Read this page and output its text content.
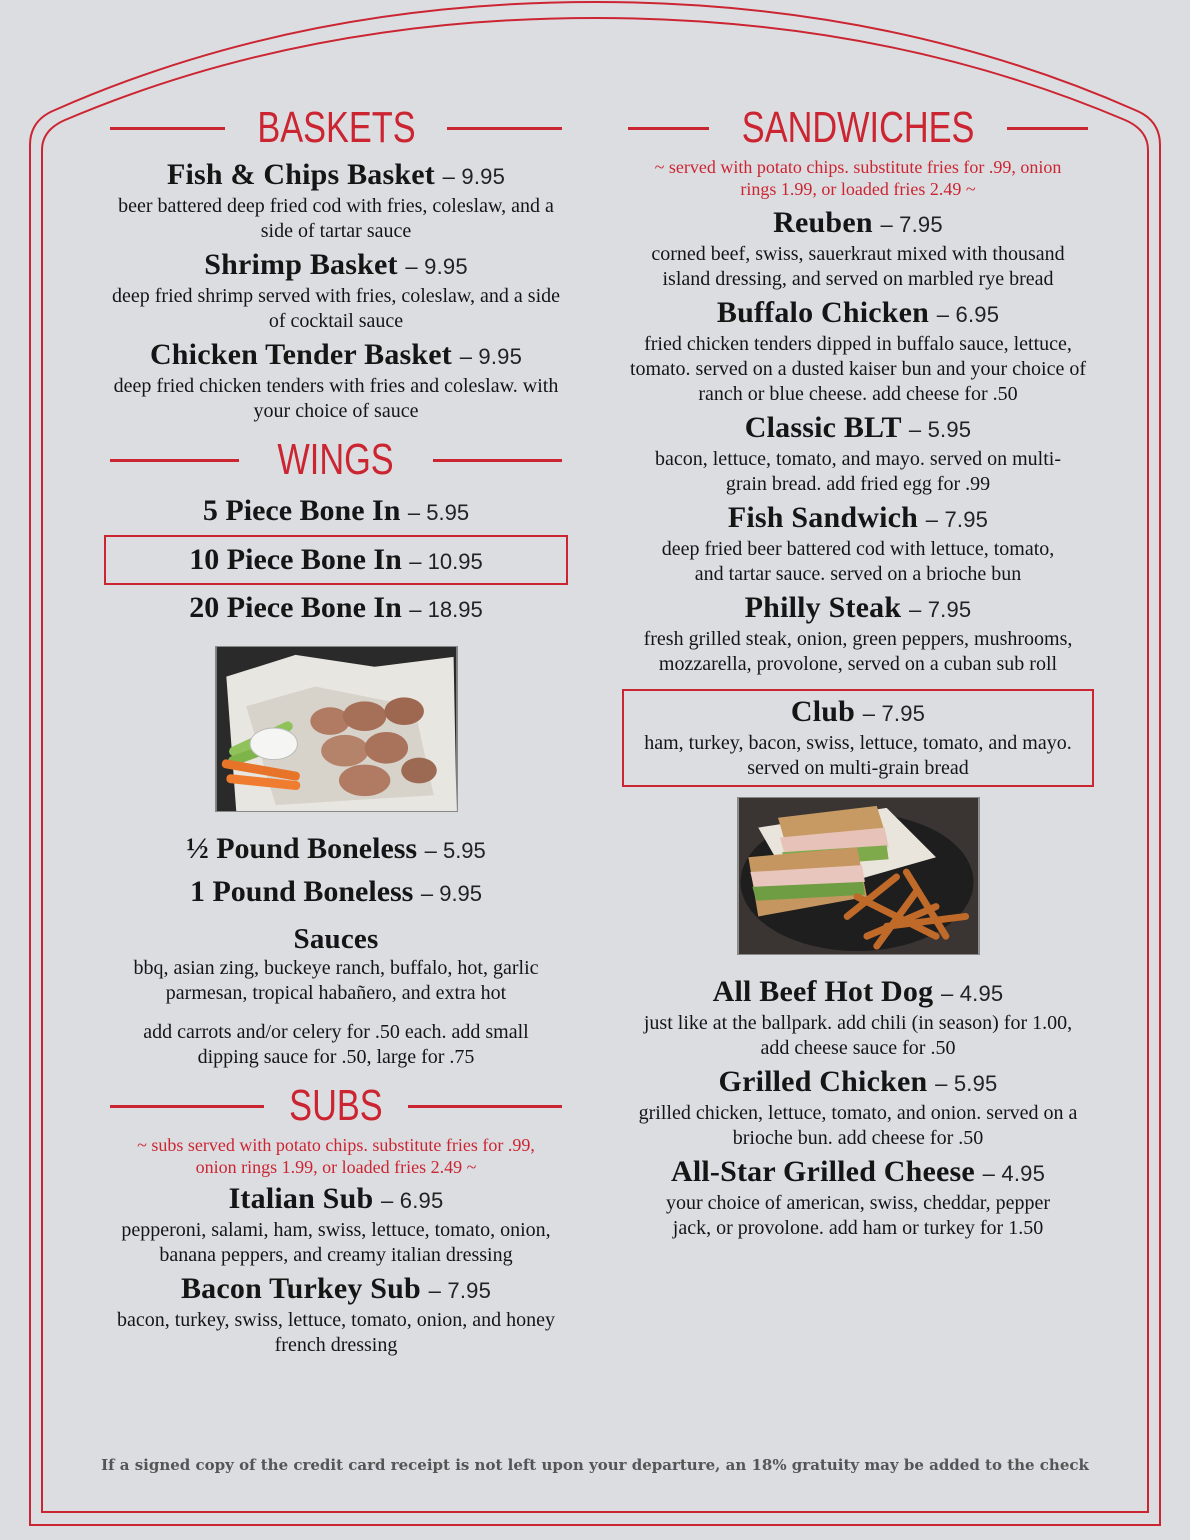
BASKETS
Fish & Chips Basket – 9.95
beer battered deep fried cod with fries, coleslaw, and a side of tartar sauce
Shrimp Basket – 9.95
deep fried shrimp served with fries, coleslaw, and a side of cocktail sauce
Chicken Tender Basket – 9.95
deep fried chicken tenders with fries and coleslaw. with your choice of sauce
WINGS
5 Piece Bone In – 5.95
10 Piece Bone In – 10.95
20 Piece Bone In – 18.95
½ Pound Boneless – 5.95
1 Pound Boneless – 9.95
Sauces
bbq, asian zing, buckeye ranch, buffalo, hot, garlic parmesan, tropical habañero, and extra hot
add carrots and/or celery for .50 each. add small dipping sauce for .50, large for .75
SUBS
~ subs served with potato chips. substitute fries for .99, onion rings 1.99, or loaded fries 2.49 ~
Italian Sub – 6.95
pepperoni, salami, ham, swiss, lettuce, tomato, onion, banana peppers, and creamy italian dressing
Bacon Turkey Sub – 7.95
bacon, turkey, swiss, lettuce, tomato, onion, and honey french dressing
SANDWICHES
~ served with potato chips. substitute fries for .99, onion rings 1.99, or loaded fries 2.49 ~
Reuben – 7.95
corned beef, swiss, sauerkraut mixed with thousand island dressing, and served on marbled rye bread
Buffalo Chicken – 6.95
fried chicken tenders dipped in buffalo sauce, lettuce, tomato. served on a dusted kaiser bun and your choice of ranch or blue cheese. add cheese for .50
Classic BLT – 5.95
bacon, lettuce, tomato, and mayo. served on multi-grain bread. add fried egg for .99
Fish Sandwich – 7.95
deep fried beer battered cod with lettuce, tomato, and tartar sauce. served on a brioche bun
Philly Steak – 7.95
fresh grilled steak, onion, green peppers, mushrooms, mozzarella, provolone, served on a cuban sub roll
Club – 7.95
ham, turkey, bacon, swiss, lettuce, tomato, and mayo. served on multi-grain bread
All Beef Hot Dog – 4.95
just like at the ballpark. add chili (in season) for 1.00, add cheese sauce for .50
Grilled Chicken – 5.95
grilled chicken, lettuce, tomato, and onion. served on a brioche bun. add cheese for .50
All-Star Grilled Cheese – 4.95
your choice of american, swiss, cheddar, pepper jack, or provolone. add ham or turkey for 1.50
If a signed copy of the credit card receipt is not left upon your departure, an 18% gratuity may be added to the check
